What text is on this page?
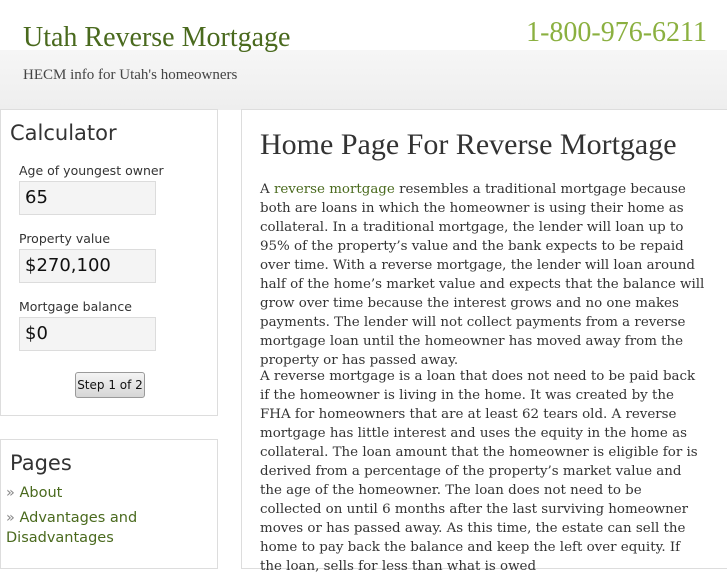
Utah Reverse Mortgage
HECM info for Utah's homeowners
1-800-976-6211
Calculator
Age of youngest owner
65
Property value
$270,100
Mortgage balance
$0
Step 1 of 2
Pages
» About
» Advantages and Disadvantages
Home Page For Reverse Mortgage

A reverse mortgage resembles a traditional mortgage because both are loans in which the homeowner is using their home as collateral. In a traditional mortgage, the lender will loan up to 95% of the property’s value and the bank expects to be repaid over time. With a reverse mortgage, the lender will loan around half of the home’s market value and expects that the balance will grow over time because the interest grows and no one makes payments. The lender will not collect payments from a reverse mortgage loan until the homeowner has moved away from the property or has passed away.

A reverse mortgage is a loan that does not need to be paid back if the homeowner is living in the home. It was created by the FHA for homeowners that are at least 62 tears old. A reverse mortgage has little interest and uses the equity in the home as collateral. The loan amount that the homeowner is eligible for is derived from a percentage of the property’s market value and the age of the homeowner. The loan does not need to be collected on until 6 months after the last surviving homeowner moves or has passed away. As this time, the estate can sell the home to pay back the balance and keep the left over equity. If the loan, sells for less than what is owed
